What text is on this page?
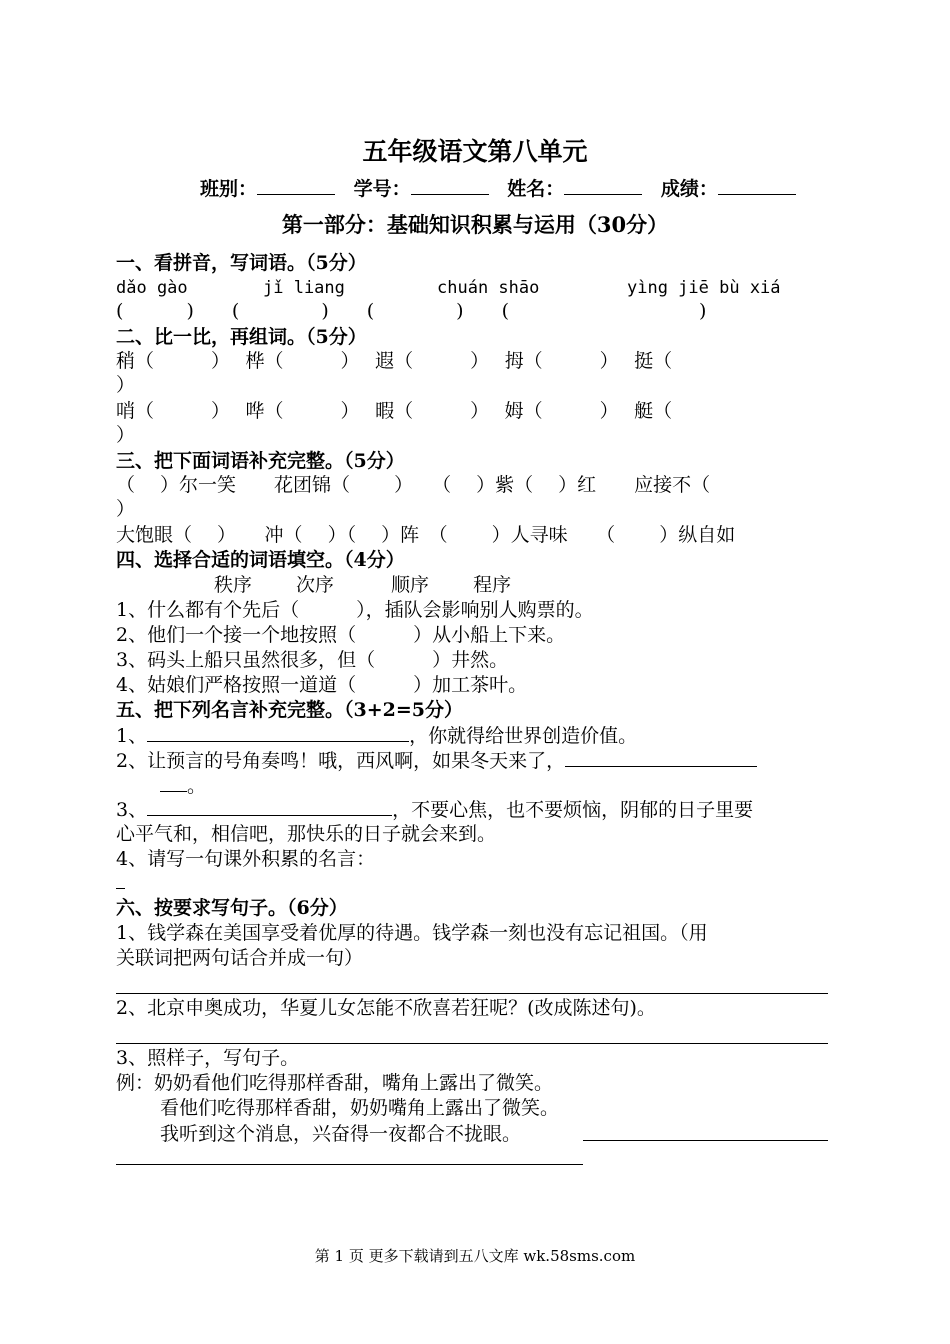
五年级语文第八单元
班别：	学号：	姓名：	成绩：
第一部分：基础知识积累与运用（30分）
一、看拼音，写词语。（5分）
dǎo gào	jǐ liang	chuán shāo	yìng jiē bù xiá
(　　　 )　　(　　　　 )　　(　　　　 )　　(　　　　　　　　　　)
二、比一比，再组词。（5分）
稍（　　　）　 桦（　　　）　 遐（　　　）　 拇（　　　）　 挺（
）
哨（　　　）　 哗（　　　）　 暇（　　　）　 姆（　　　）　 艇（
）
三、把下面词语补充完整。（5分）
（　 ）尔一笑　　花团锦（　　 ）　　（　 ）紫（　 ）红　　应接不（
）
大饱眼（　 ）　　冲（　 ）（　 ）阵　（　　 ）人寻味　　（　　 ）纵自如
四、选择合适的词语填空。（4分）
秩序　　 次序　　　顺序　　 程序
1、什么都有个先后（　　　），插队会影响别人购票的。
2、他们一个接一个地按照（　　　）从小船上下来。
3、码头上船只虽然很多，但（　　　）井然。
4、姑娘们严格按照一道道（　　　）加工茶叶。
五、把下列名言补充完整。（3+2=5分）
1、	，你就得给世界创造价值。
2、让预言的号角奏鸣！哦，西风啊，如果冬天来了，
。
3、	，不要心焦，也不要烦恼，阴郁的日子里要
心平气和，相信吧，那快乐的日子就会来到。
4、请写一句课外积累的名言：
六、按要求写句子。（6分）
1、钱学森在美国享受着优厚的待遇。钱学森一刻也没有忘记祖国。（用
关联词把两句话合并成一句）
2、北京申奥成功，华夏儿女怎能不欣喜若狂呢？(改成陈述句)。
3、照样子，写句子。
例：奶奶看他们吃得那样香甜，嘴角上露出了微笑。
看他们吃得那样香甜，奶奶嘴角上露出了微笑。
我听到这个消息，兴奋得一夜都合不拢眼。
第 1 页 更多下载请到五八文库 wk.58sms.com
